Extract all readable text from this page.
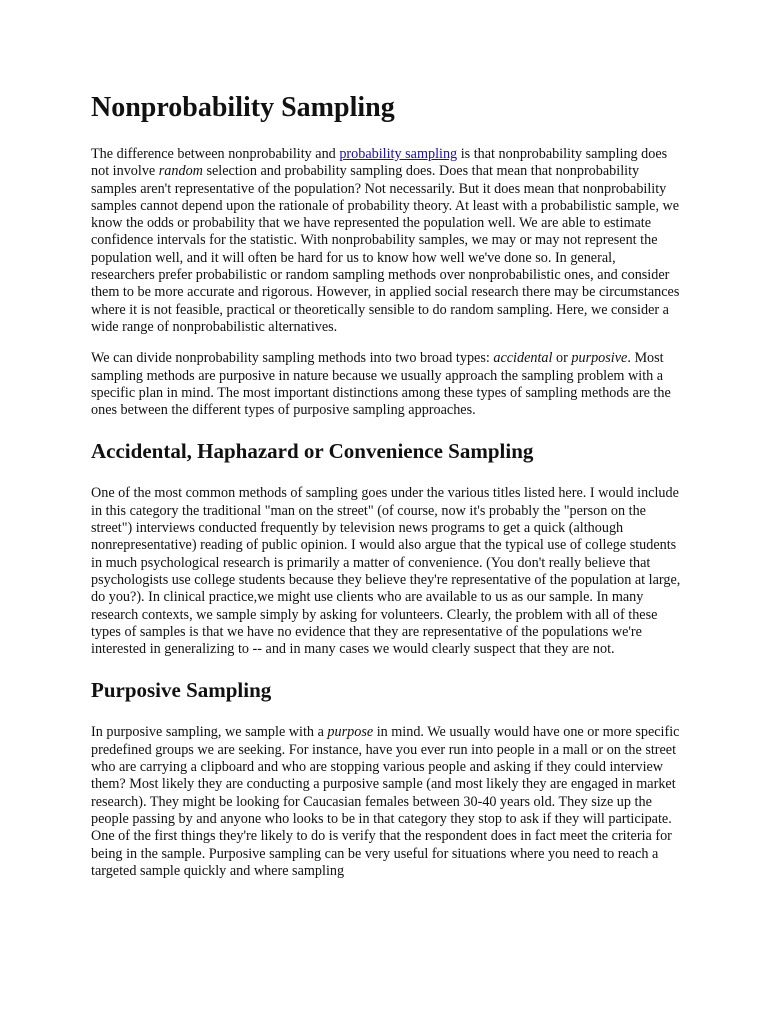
Nonprobability Sampling

The difference between nonprobability and probability sampling is that nonprobability sampling does not involve random selection and probability sampling does. Does that mean that nonprobability samples aren't representative of the population? Not necessarily. But it does mean that nonprobability samples cannot depend upon the rationale of probability theory. At least with a probabilistic sample, we know the odds or probability that we have represented the population well. We are able to estimate confidence intervals for the statistic. With nonprobability samples, we may or may not represent the population well, and it will often be hard for us to know how well we've done so. In general, researchers prefer probabilistic or random sampling methods over nonprobabilistic ones, and consider them to be more accurate and rigorous. However, in applied social research there may be circumstances where it is not feasible, practical or theoretically sensible to do random sampling. Here, we consider a wide range of nonprobabilistic alternatives.

We can divide nonprobability sampling methods into two broad types: accidental or purposive. Most sampling methods are purposive in nature because we usually approach the sampling problem with a specific plan in mind. The most important distinctions among these types of sampling methods are the ones between the different types of purposive sampling approaches.

Accidental, Haphazard or Convenience Sampling

One of the most common methods of sampling goes under the various titles listed here. I would include in this category the traditional "man on the street" (of course, now it's probably the "person on the street") interviews conducted frequently by television news programs to get a quick (although nonrepresentative) reading of public opinion. I would also argue that the typical use of college students in much psychological research is primarily a matter of convenience. (You don't really believe that psychologists use college students because they believe they're representative of the population at large, do you?). In clinical practice,we might use clients who are available to us as our sample. In many research contexts, we sample simply by asking for volunteers. Clearly, the problem with all of these types of samples is that we have no evidence that they are representative of the populations we're interested in generalizing to -- and in many cases we would clearly suspect that they are not.

Purposive Sampling

In purposive sampling, we sample with a purpose in mind. We usually would have one or more specific predefined groups we are seeking. For instance, have you ever run into people in a mall or on the street who are carrying a clipboard and who are stopping various people and asking if they could interview them? Most likely they are conducting a purposive sample (and most likely they are engaged in market research). They might be looking for Caucasian females between 30-40 years old. They size up the people passing by and anyone who looks to be in that category they stop to ask if they will participate. One of the first things they're likely to do is verify that the respondent does in fact meet the criteria for being in the sample. Purposive sampling can be very useful for situations where you need to reach a targeted sample quickly and where sampling
